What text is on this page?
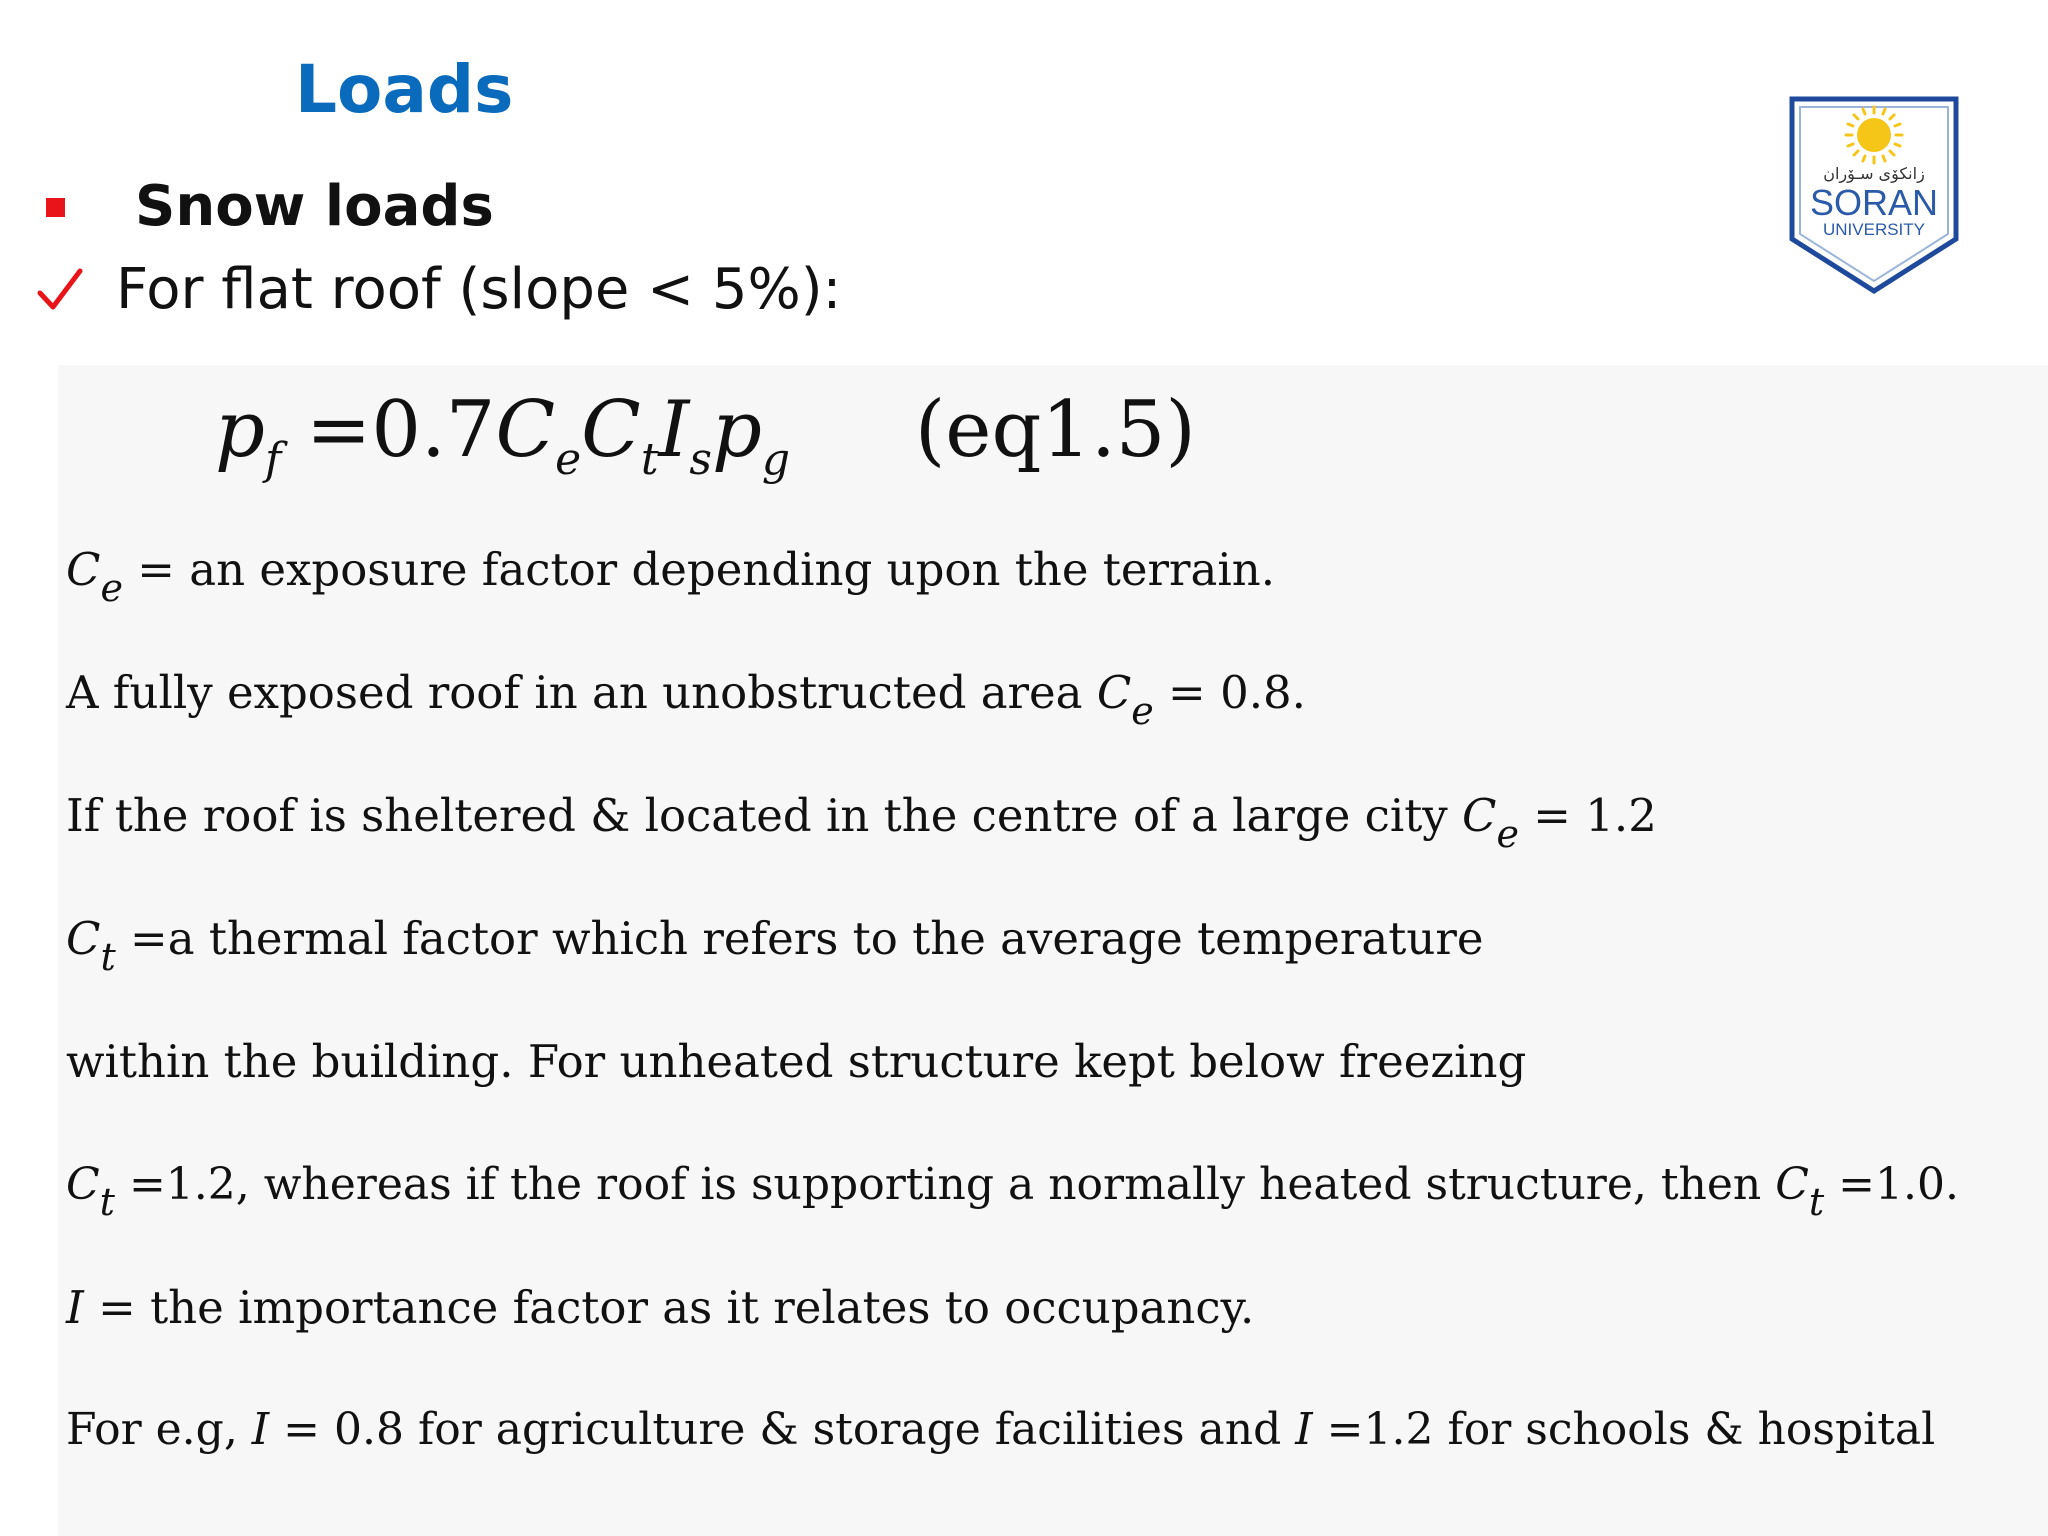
Loads
Snow loads
For flat roof (slope < 5%):
$p_f =0.7C_eC_tI_sp_g$ (eq1.5)
$C_e$ = an exposure factor depending upon the terrain.
A fully exposed roof in an unobstructed area $C_e = 0.8$.
If the roof is sheltered & located in the centre of a large city $C_e = 1.2$
$C_t =a$ thermal factor which refers to the average temperature
within the building. For unheated structure kept below freezing
$C_t =1.2$, whereas if the roof is supporting a normally heated structure, then $C_t =1.0$.
I = the importance factor as it relates to occupancy.
For e.g, I = 0.8 for agriculture & storage facilities and I =1.2 for schools & hospital
زانكۆی سـۆران
SORAN
UNIVERSITY
